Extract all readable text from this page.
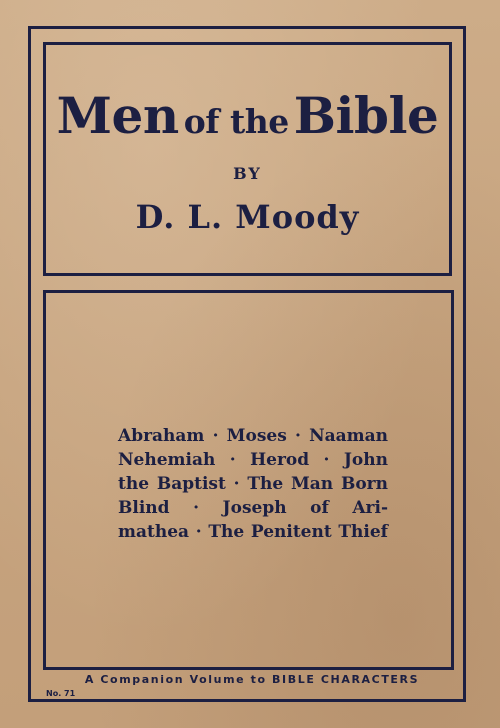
Men of the Bible
BY
D. L. Moody
Abraham · Moses · Naaman
Nehemiah · Herod · John
the Baptist · The Man Born
Blind · Joseph of Ari-
mathea · The Penitent Thief
A Companion Volume to BIBLE CHARACTERS
No. 71
